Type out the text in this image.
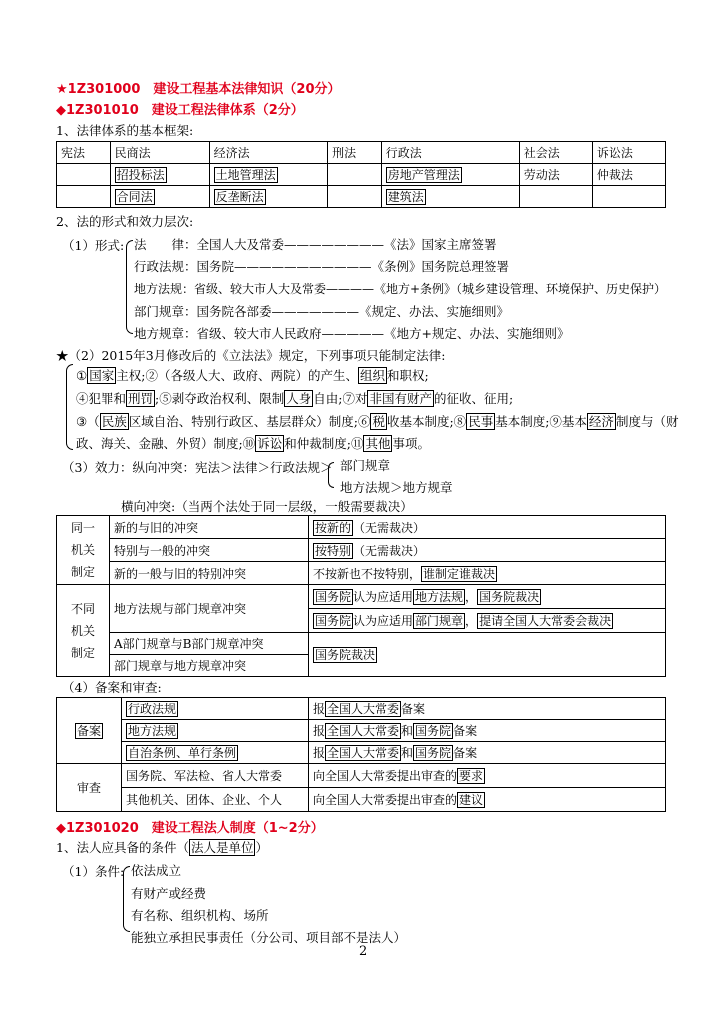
★1Z301000　建设工程基本法律知识（20分）
◆1Z301010　建设工程法律体系（2分）
1、法律体系的基本框架:
宪法	民商法	经济法	刑法	行政法	社会法	诉讼法
	招投标法	土地管理法		房地产管理法	劳动法	仲裁法
	合同法	反垄断法		建筑法		
2、法的形式和效力层次:
（1）形式: 法　　律：全国人大及常委————————《法》国家主席签署
行政法规：国务院———————————《条例》国务院总理签署
地方法规：省级、较大市人大及常委————《地方+条例》（城乡建设管理、环境保护、历史保护）
部门规章：国务院各部委———————《规定、办法、实施细则》
地方规章：省级、较大市人民政府—————《地方+规定、办法、实施细则》
★（2）2015年3月修改后的《立法法》规定，下列事项只能制定法律:
① 国家 主权;②（各级人大、政府、两院）的产生、 组织 和职权;
④犯罪和 刑罚 ;⑤剥夺政治权利、限制 人身 自由;⑦对 非国有财产 的征收、征用;
③（ 民族 区域自治、特别行政区、基层群众）制度;⑥ 税 收基本制度;⑧ 民事 基本制度;⑨基本 经济 制度与（财
政、海关、金融、外贸）制度;⑩ 诉讼 和仲裁制度;⑪ 其他 事项。
（3）效力：纵向冲突：宪法＞法律＞行政法规＞ 部门规章
地方法规＞地方规章
横向冲突:（当两个法处于同一层级，一般需要裁决）
同一
机关
制定	新的与旧的冲突	按新的 （无需裁决）
	特别与一般的冲突	按特别 （无需裁决）
	新的一般与旧的特别冲突	不按新也不按特别， 谁制定谁裁决
不同
机关
制定	地方法规与部门规章冲突	国务院 认为应适用 地方法规 ， 国务院裁决
		国务院 认为应适用 部门规章 ， 提请全国人大常委会裁决
	A部门规章与B部门规章冲突	国务院裁决
	部门规章与地方规章冲突	
（4）备案和审查:
备案	行政法规	报 全国人大常委 备案
	地方法规	报 全国人大常委 和 国务院 备案
	自治条例、单行条例	报 全国人大常委 和 国务院 备案
审查	国务院、军法检、省人大常委	向全国人大常委提出审查的 要求
	其他机关、团体、企业、个人	向全国人大常委提出审查的 建议
◆1Z301020　建设工程法人制度（1~2分）
1、法人应具备的条件（ 法人是单位 ）
（1）条件: 依法成立
有财产或经费
有名称、组织机构、场所
能独立承担民事责任（分公司、项目部不是法人）
2
